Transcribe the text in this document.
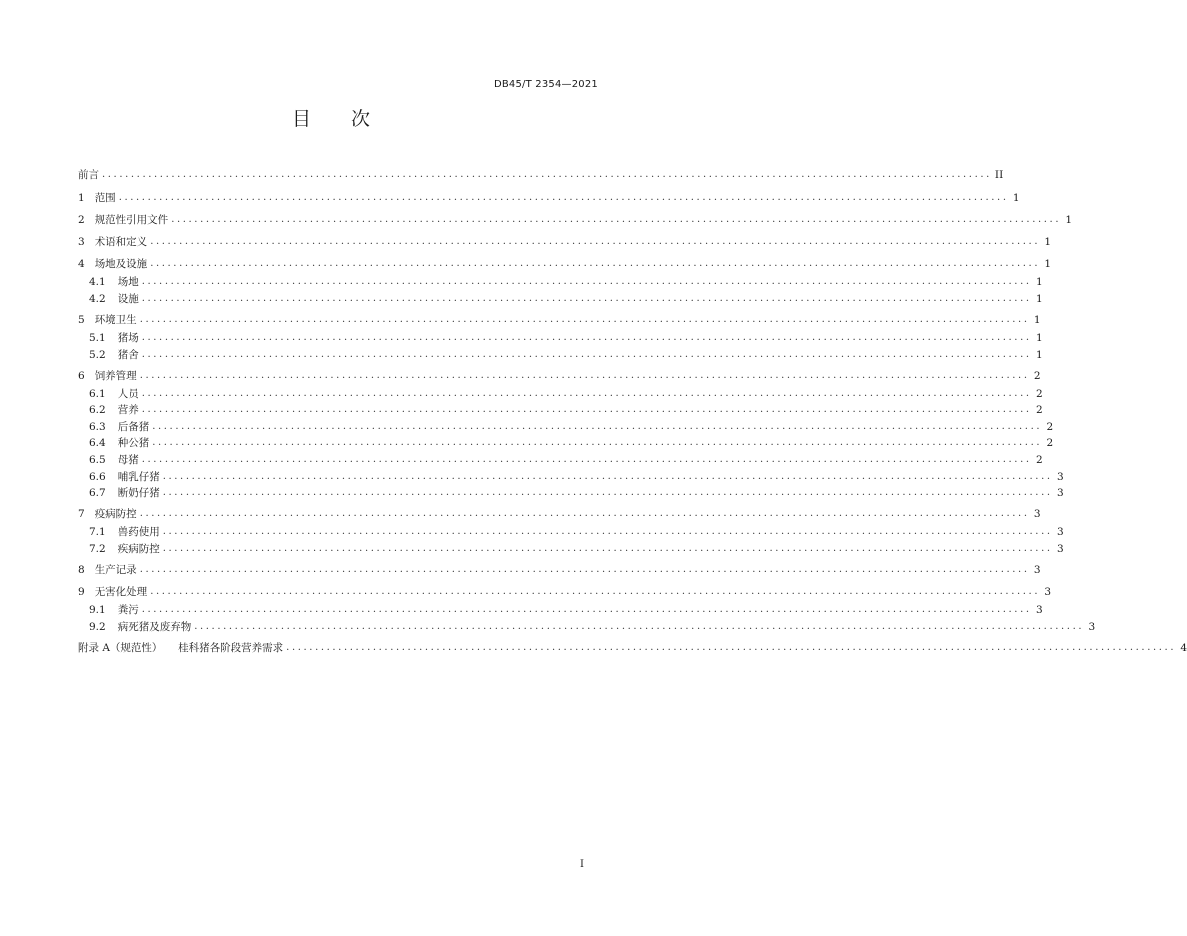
DB45/T 2354—2021
目 次
前言 .......................................................................................................................................................... II
1 范围 .......................................................................................................................................................... 1
2 规范性引用文件 .......................................................................................................................................................... 1
3 术语和定义 .......................................................................................................................................................... 1
4 场地及设施 .......................................................................................................................................................... 1
4.1 场地 .......................................................................................................................................................... 1
4.2 设施 .......................................................................................................................................................... 1
5 环境卫生 .......................................................................................................................................................... 1
5.1 猪场 .......................................................................................................................................................... 1
5.2 猪舍 .......................................................................................................................................................... 1
6 饲养管理 .......................................................................................................................................................... 2
6.1 人员 .......................................................................................................................................................... 2
6.2 营养 .......................................................................................................................................................... 2
6.3 后备猪 .......................................................................................................................................................... 2
6.4 种公猪 .......................................................................................................................................................... 2
6.5 母猪 .......................................................................................................................................................... 2
6.6 哺乳仔猪 .......................................................................................................................................................... 3
6.7 断奶仔猪 .......................................................................................................................................................... 3
7 疫病防控 .......................................................................................................................................................... 3
7.1 兽药使用 .......................................................................................................................................................... 3
7.2 疾病防控 .......................................................................................................................................................... 3
8 生产记录 .......................................................................................................................................................... 3
9 无害化处理 .......................................................................................................................................................... 3
9.1 粪污 .......................................................................................................................................................... 3
9.2 病死猪及废弃物 .......................................................................................................................................................... 3
附录 A（规范性）　　桂科猪各阶段营养需求 .......................................................................................................................................................... 4
I
